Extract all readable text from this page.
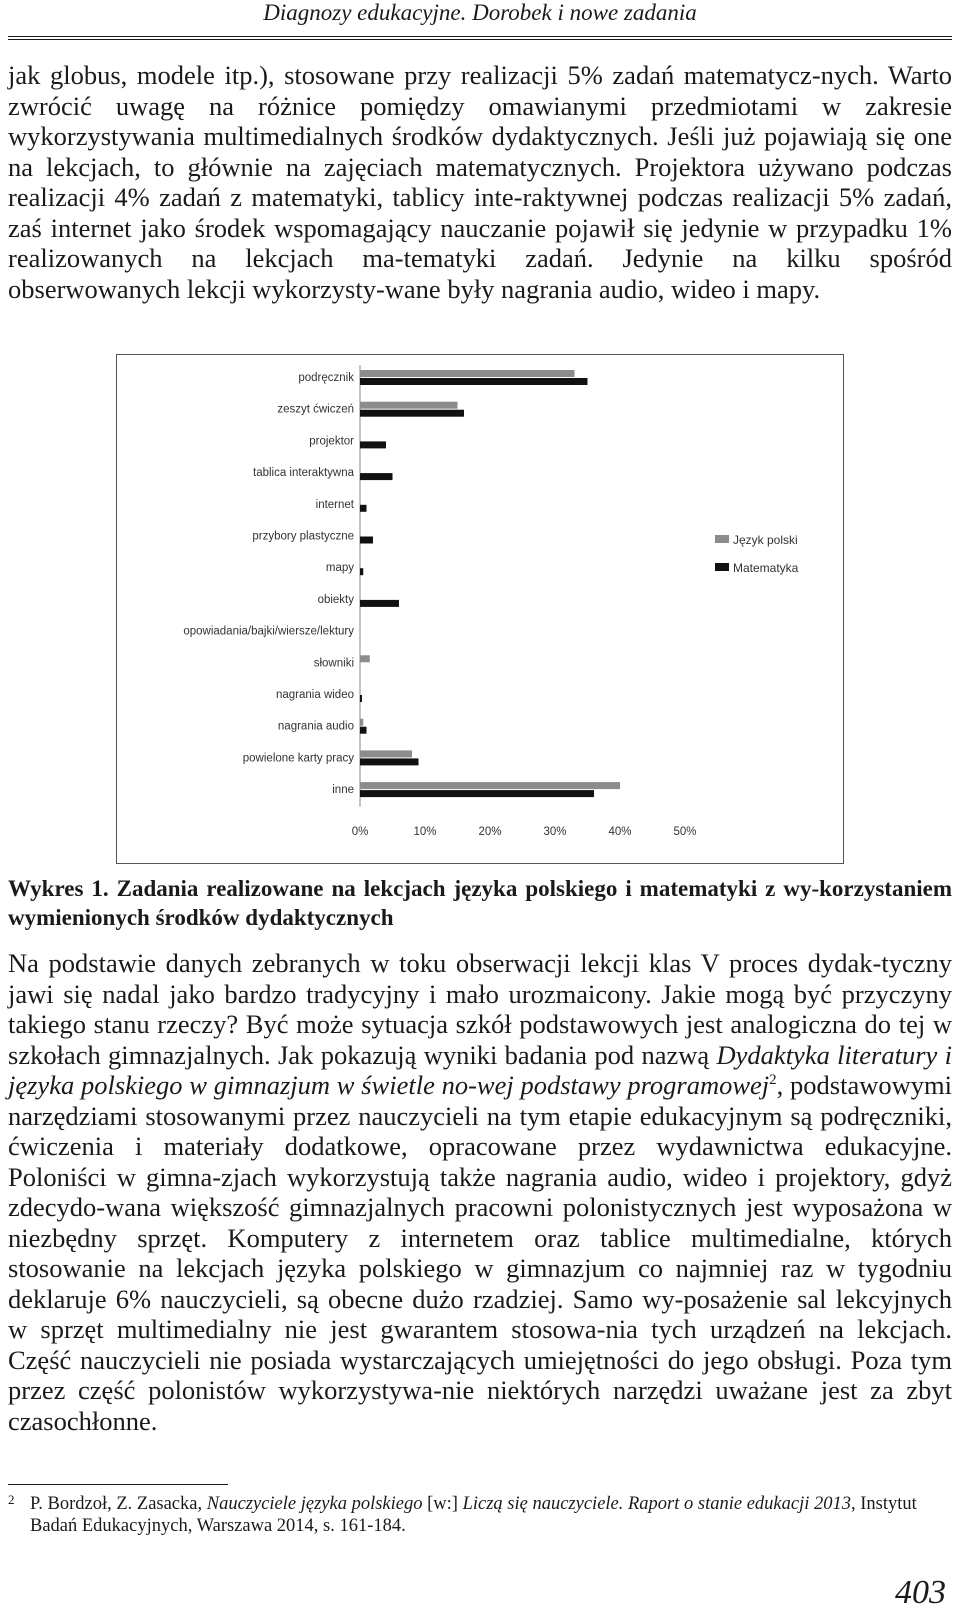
Diagnozy edukacyjne. Dorobek i nowe zadania

jak globus, modele itp.), stosowane przy realizacji 5% zadań matematycz-nych. Warto zwrócić uwagę na różnice pomiędzy omawianymi przedmiotami w zakresie wykorzystywania multimedialnych środków dydaktycznych. Jeśli już pojawiają się one na lekcjach, to głównie na zajęciach matematycznych. Projektora używano podczas realizacji 4% zadań z matematyki, tablicy inte-raktywnej podczas realizacji 5% zadań, zaś internet jako środek wspomagający nauczanie pojawił się jedynie w przypadku 1% realizowanych na lekcjach ma-tematyki zadań. Jedynie na kilku spośród obserwowanych lekcji wykorzysty-wane były nagrania audio, wideo i mapy.

podręcznik
zeszyt ćwiczeń
projektor
tablica interaktywna
internet
przybory plastyczne
mapy
obiekty
opowiadania/bajki/wiersze/lektury
słowniki
nagrania wideo
nagrania audio
powielone karty pracy
inne
0%	10%	20%	30%	40%	50%
Język polski
Matematyka
Wykres 1. Zadania realizowane na lekcjach języka polskiego i matematyki z wy-korzystaniem wymienionych środków dydaktycznych

Na podstawie danych zebranych w toku obserwacji lekcji klas V proces dydak-tyczny jawi się nadal jako bardzo tradycyjny i mało urozmaicony. Jakie mogą być przyczyny takiego stanu rzeczy? Być może sytuacja szkół podstawowych jest analogiczna do tej w szkołach gimnazjalnych. Jak pokazują wyniki badania pod nazwą Dydaktyka literatury i języka polskiego w gimnazjum w świetle no-wej podstawy programowej$^2$, podstawowymi narzędziami stosowanymi przez nauczycieli na tym etapie edukacyjnym są podręczniki, ćwiczenia i materiały dodatkowe, opracowane przez wydawnictwa edukacyjne. Poloniści w gimna-zjach wykorzystują także nagrania audio, wideo i projektory, gdyż zdecydo-wana większość gimnazjalnych pracowni polonistycznych jest wyposażona w niezbędny sprzęt. Komputery z internetem oraz tablice multimedialne, których stosowanie na lekcjach języka polskiego w gimnazjum co najmniej raz w tygodniu deklaruje 6% nauczycieli, są obecne dużo rzadziej. Samo wy-posażenie sal lekcyjnych w sprzęt multimedialny nie jest gwarantem stosowa-nia tych urządzeń na lekcjach. Część nauczycieli nie posiada wystarczających umiejętności do jego obsługi. Poza tym przez część polonistów wykorzystywa-nie niektórych narzędzi uważane jest za zbyt czasochłonne.

2 P. Bordzoł, Z. Zasacka, Nauczyciele języka polskiego [w:] Liczą się nauczyciele. Raport o stanie edukacji 2013, Instytut Badań Edukacyjnych, Warszawa 2014, s. 161-184.
403
